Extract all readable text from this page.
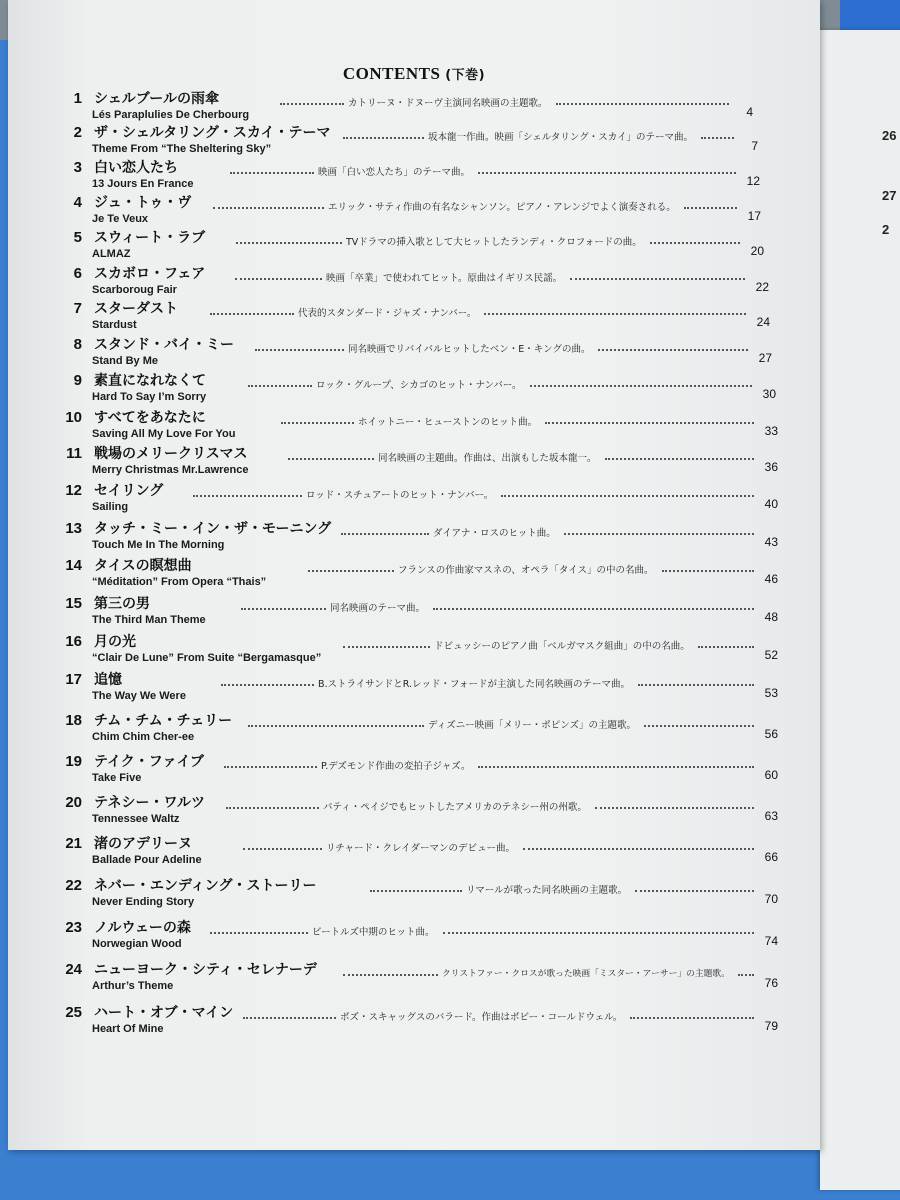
26
27
2
CONTENTS (下巻)
1 シェルブールの雨傘
Lés Paraplulies De Cherbourg
カトリーヌ・ドヌーヴ主演同名映画の主題歌。
4
2 ザ・シェルタリング・スカイ・テーマ
Theme From “The Sheltering Sky”
坂本龍一作曲。映画「シェルタリング・スカイ」のテーマ曲。
7
3 白い恋人たち
13 Jours En France
映画「白い恋人たち」のテーマ曲。
12
4 ジュ・トゥ・ヴ
Je Te Veux
エリック・サティ作曲の有名なシャンソン。ピアノ・アレンジでよく演奏される。
17
5 スウィート・ラブ
ALMAZ
TVドラマの挿入歌として大ヒットしたランディ・クロフォードの曲。
20
6 スカボロ・フェア
Scarboroug Fair
映画「卒業」で使われてヒット。原曲はイギリス民謡。
22
7 スターダスト
Stardust
代表的スタンダード・ジャズ・ナンバー。
24
8 スタンド・バイ・ミー
Stand By Me
同名映画でリバイバルヒットしたベン・E・キングの曲。
27
9 素直になれなくて
Hard To Say I’m Sorry
ロック・グループ、シカゴのヒット・ナンバー。
30
10 すべてをあなたに
Saving All My Love For You
ホイットニー・ヒューストンのヒット曲。
33
11 戦場のメリークリスマス
Merry Christmas Mr.Lawrence
同名映画の主題曲。作曲は、出演もした坂本龍一。
36
12 セイリング
Sailing
ロッド・スチュアートのヒット・ナンバー。
40
13 タッチ・ミー・イン・ザ・モーニング
Touch Me In The Morning
ダイアナ・ロスのヒット曲。
43
14 タイスの瞑想曲
“Méditation” From Opera “Thais”
フランスの作曲家マスネの、オペラ「タイス」の中の名曲。
46
15 第三の男
The Third Man Theme
同名映画のテーマ曲。
48
16 月の光
“Clair De Lune” From Suite “Bergamasque”
ドビュッシーのピアノ曲「ベルガマスク組曲」の中の名曲。
52
17 追憶
The Way We Were
B.ストライサンドとR.レッド・フォードが主演した同名映画のテーマ曲。
53
18 チム・チム・チェリー
Chim Chim Cher-ee
ディズニー映画「メリー・ポピンズ」の主題歌。
56
19 テイク・ファイブ
Take Five
P.デズモンド作曲の変拍子ジャズ。
60
20 テネシー・ワルツ
Tennessee Waltz
パティ・ペイジでもヒットしたアメリカのテネシー州の州歌。
63
21 渚のアデリーヌ
Ballade Pour Adeline
リチャード・クレイダーマンのデビュー曲。
66
22 ネバー・エンディング・ストーリー
Never Ending Story
リマールが歌った同名映画の主題歌。
70
23 ノルウェーの森
Norwegian Wood
ビートルズ中期のヒット曲。
74
24 ニューヨーク・シティ・セレナーデ
Arthur’s Theme
クリストファー・クロスが歌った映画「ミスター・アーサー」の主題歌。
76
25 ハート・オブ・マイン
Heart Of Mine
ボズ・スキャッグスのバラード。作曲はボビー・コールドウェル。
79
